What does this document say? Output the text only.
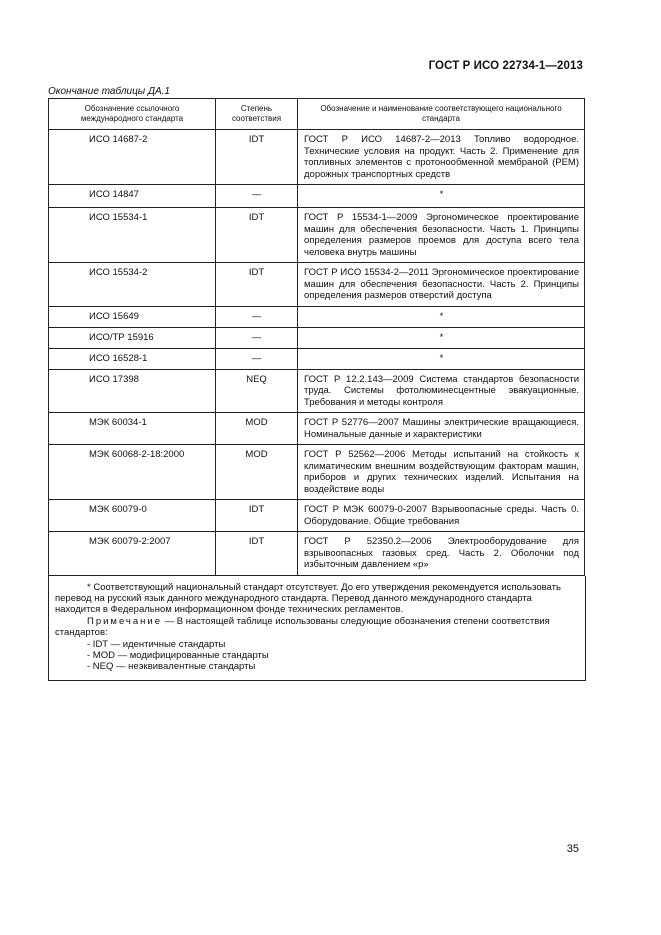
ГОСТ Р ИСО 22734-1—2013
Окончание таблицы ДА.1
Обозначение ссылочного международного стандарта	Степень соответствия	Обозначение и наименование соответствующего национального стандарта
ИСО 14687-2	IDT	ГОСТ Р ИСО 14687-2—2013 Топливо водородное. Технические условия на продукт. Часть 2. Применение для топливных элементов с протонообменной мембраной (РЕМ) дорожных транспортных средств
ИСО 14847	—	*
ИСО 15534-1	IDT	ГОСТ Р 15534-1—2009 Эргономическое проектирование машин для обеспечения безопасности. Часть 1. Принципы определения размеров проемов для доступа всего тела человека внутрь машины
ИСО 15534-2	IDT	ГОСТ Р ИСО 15534-2—2011 Эргономическое проектирование машин для обеспечения безопасности. Часть 2. Принципы определения размеров отверстий доступа
ИСО 15649	—	*
ИСО/ТР 15916	—	*
ИСО 16528-1	—	*
ИСО 17398	NEQ	ГОСТ Р 12.2.143—2009 Система стандартов безопасности труда. Системы фотолюминесцентные эвакуационные. Требования и методы контроля
МЭК 60034-1	MOD	ГОСТ Р 52776—2007 Машины электрические вращающиеся. Номинальные данные и характеристики
МЭК 60068-2-18:2000	MOD	ГОСТ Р 52562—2006 Методы испытаний на стойкость к климатическим внешним воздействующим факторам машин, приборов и других технических изделий. Испытания на воздействие воды
МЭК 60079-0	IDT	ГОСТ Р МЭК 60079-0-2007 Взрывоопасные среды. Часть 0. Оборудование. Общие требования
МЭК 60079-2:2007	IDT	ГОСТ Р 52350.2—2006 Электрооборудование для взрывоопасных газовых сред. Часть 2. Оболочки под избыточным давлением «р»

* Соответствующий национальный стандарт отсутствует. До его утверждения рекомендуется использовать перевод на русский язык данного международного стандарта. Перевод данного международного стандарта находится в Федеральном информационном фонде технических регламентов.

Примечание — В настоящей таблице использованы следующие обозначения степени соответствия стандартов:

- IDT — идентичные стандарты

- MOD — модифицированные стандарты

- NEQ — неэквивалентные стандарты

35
